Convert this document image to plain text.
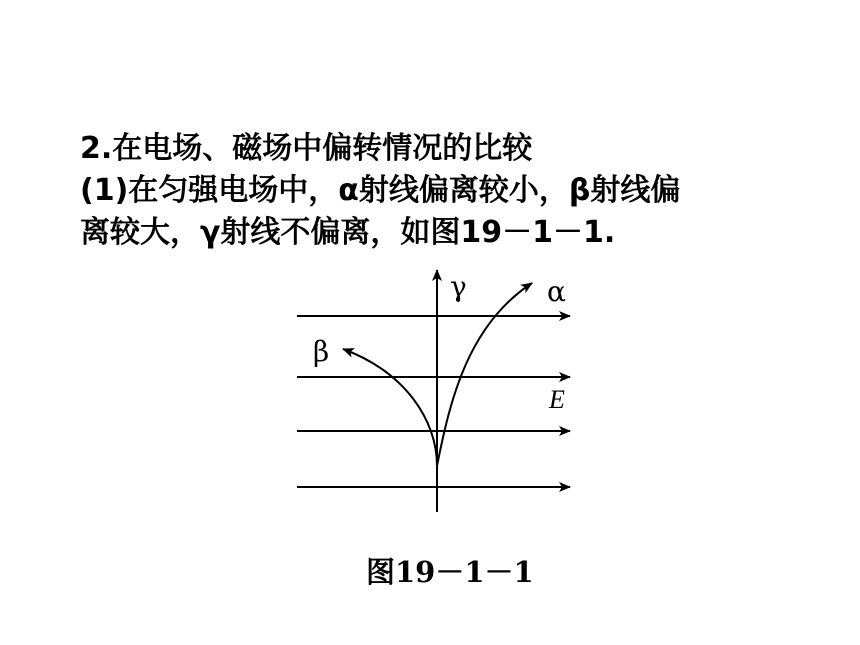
2.在电场、磁场中偏转情况的比较
(1)在匀强电场中，α射线偏离较小，β射线偏
离较大，γ射线不偏离，如图19－1－1.
γ	α
β
E
图19－1－1
